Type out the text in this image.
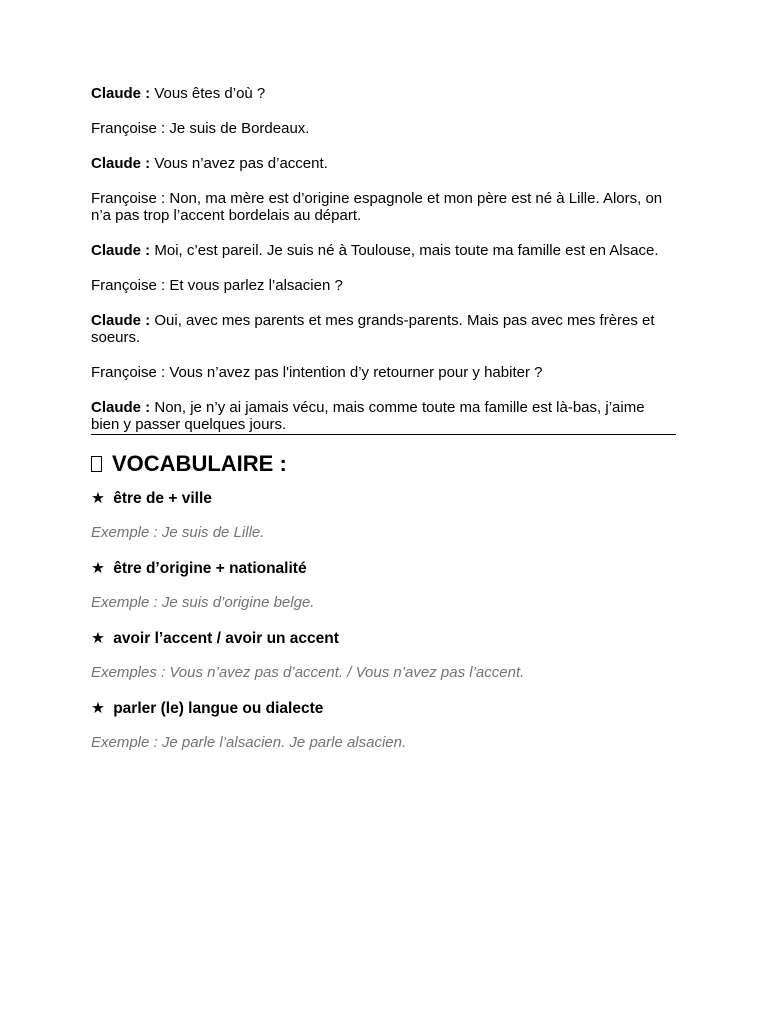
Claude : Vous êtes d’où ?

Françoise : Je suis de Bordeaux.

Claude : Vous n’avez pas d’accent.

Françoise : Non, ma mère est d’origine espagnole et mon père est né à Lille. Alors, on n’a pas trop l’accent bordelais au départ.

Claude : Moi, c’est pareil. Je suis né à Toulouse, mais toute ma famille est en Alsace.

Françoise : Et vous parlez l’alsacien ?

Claude : Oui, avec mes parents et mes grands-parents. Mais pas avec mes frères et soeurs.

Françoise : Vous n’avez pas l'intention d’y retourner pour y habiter ?

Claude : Non, je n’y ai jamais vécu, mais comme toute ma famille est là-bas, j’aime bien y passer quelques jours.

VOCABULAIRE :
★ être de + ville
Exemple : Je suis de Lille.
★ être d’origine + nationalité
Exemple : Je suis d’origine belge.
★ avoir l’accent / avoir un accent
Exemples : Vous n’avez pas d’accent. / Vous n’avez pas l’accent.
★ parler (le) langue ou dialecte
Exemple : Je parle l’alsacien. Je parle alsacien.
